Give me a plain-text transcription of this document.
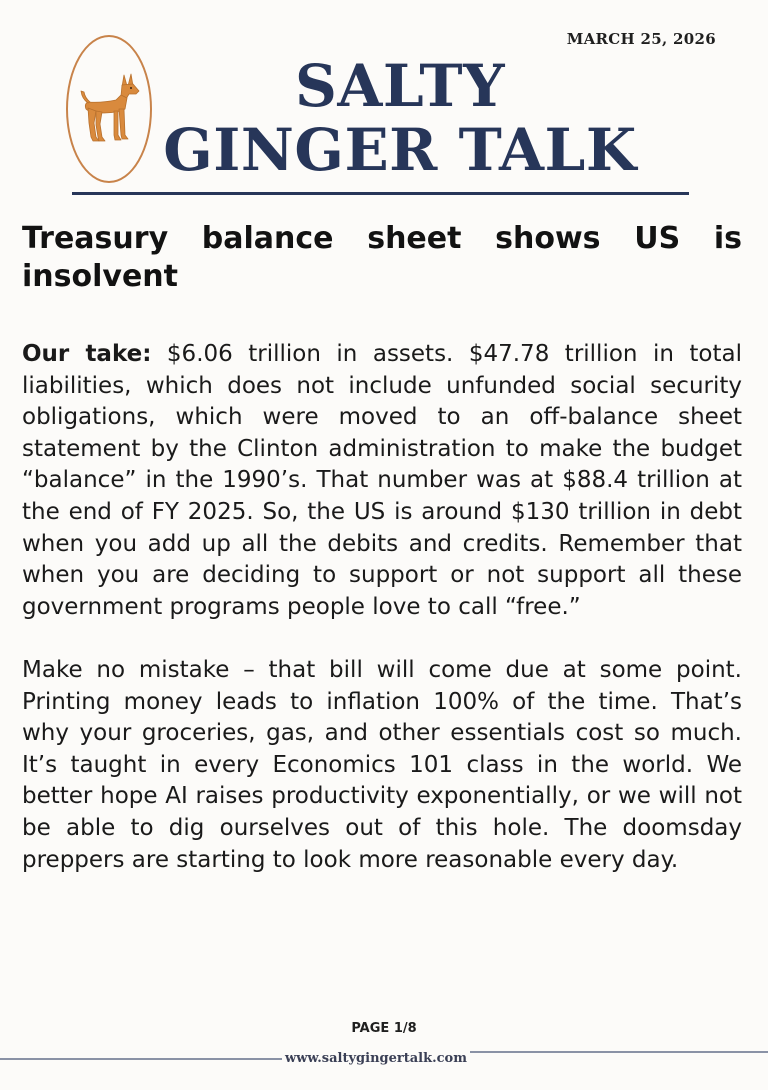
MARCH 25, 2026
SALTY GINGER TALK
Treasury balance sheet shows US is insolvent

Our take: $6.06 trillion in assets. $47.78 trillion in total liabilities, which does not include unfunded social security obligations, which were moved to an off-balance sheet statement by the Clinton administration to make the budget “balance” in the 1990’s. That number was at $88.4 trillion at the end of FY 2025. So, the US is around $130 trillion in debt when you add up all the debits and credits. Remember that when you are deciding to support or not support all these government programs people love to call “free.”

Make no mistake – that bill will come due at some point. Printing money leads to inflation 100% of the time. That’s why your groceries, gas, and other essentials cost so much. It’s taught in every Economics 101 class in the world. We better hope AI raises productivity exponentially, or we will not be able to dig ourselves out of this hole. The doomsday preppers are starting to look more reasonable every day.

PAGE 1/8
www.saltygingertalk.com
